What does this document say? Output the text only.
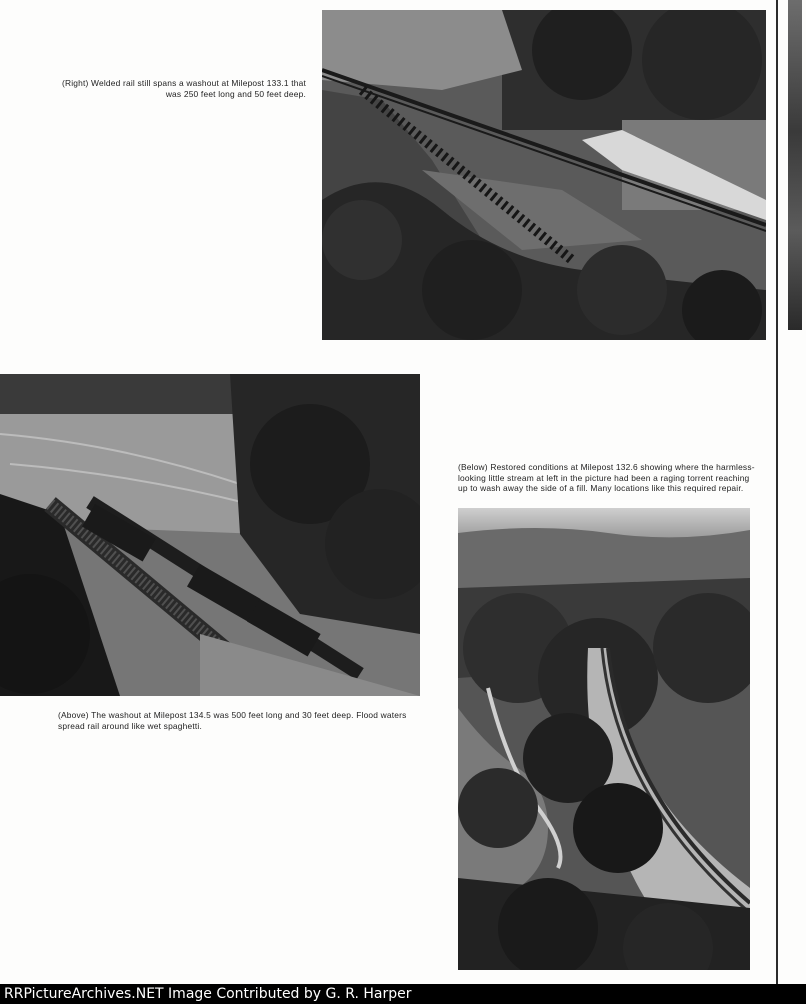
(Right) Welded rail still spans a washout at Milepost 133.1 that was 250 feet long and 50 feet deep.

(Above) The washout at Milepost 134.5 was 500 feet long and 30 feet deep. Flood waters spread rail around like wet spaghetti.

(Below) Restored conditions at Milepost 132.6 showing where the harmless-looking little stream at left in the picture had been a raging torrent reaching up to wash away the side of a fill. Many locations like this required repair.

RRPictureArchives.NET Image Contributed by G. R. Harper
